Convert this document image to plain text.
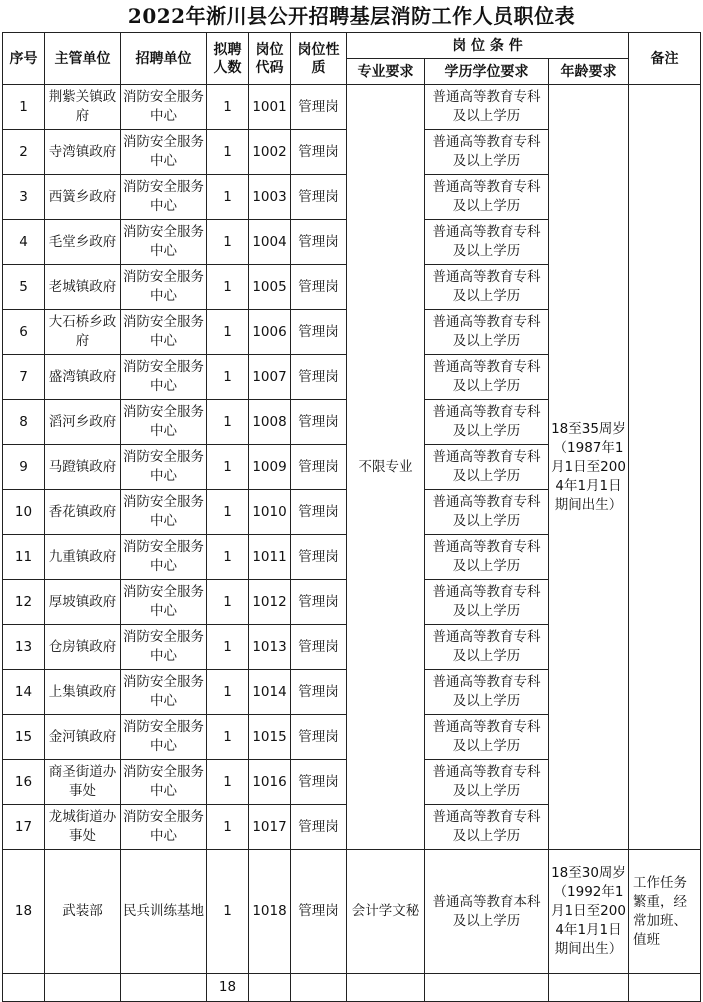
2022年淅川县公开招聘基层消防工作人员职位表
序号	主管单位	招聘单位	拟聘人数	岗位代码	岗位性质	岗 位 条 件			备注
						专业要求	学历学位要求	年龄要求	
1	荆紫关镇政府	消防安全服务中心	1	1001	管理岗	不限专业	普通高等教育专科及以上学历	18至35周岁（1987年1月1日至2004年1月1日期间出生）	
2	寺湾镇政府	消防安全服务中心	1	1002	管理岗		普通高等教育专科及以上学历		
3	西簧乡政府	消防安全服务中心	1	1003	管理岗		普通高等教育专科及以上学历		
4	毛堂乡政府	消防安全服务中心	1	1004	管理岗		普通高等教育专科及以上学历		
5	老城镇政府	消防安全服务中心	1	1005	管理岗		普通高等教育专科及以上学历		
6	大石桥乡政府	消防安全服务中心	1	1006	管理岗		普通高等教育专科及以上学历		
7	盛湾镇政府	消防安全服务中心	1	1007	管理岗		普通高等教育专科及以上学历		
8	滔河乡政府	消防安全服务中心	1	1008	管理岗		普通高等教育专科及以上学历		
9	马蹬镇政府	消防安全服务中心	1	1009	管理岗		普通高等教育专科及以上学历		
10	香花镇政府	消防安全服务中心	1	1010	管理岗		普通高等教育专科及以上学历		
11	九重镇政府	消防安全服务中心	1	1011	管理岗		普通高等教育专科及以上学历		
12	厚坡镇政府	消防安全服务中心	1	1012	管理岗		普通高等教育专科及以上学历		
13	仓房镇政府	消防安全服务中心	1	1013	管理岗		普通高等教育专科及以上学历		
14	上集镇政府	消防安全服务中心	1	1014	管理岗		普通高等教育专科及以上学历		
15	金河镇政府	消防安全服务中心	1	1015	管理岗		普通高等教育专科及以上学历		
16	商圣街道办事处	消防安全服务中心	1	1016	管理岗		普通高等教育专科及以上学历		
17	龙城街道办事处	消防安全服务中心	1	1017	管理岗		普通高等教育专科及以上学历		
18	武装部	民兵训练基地	1	1018	管理岗	会计学文秘	普通高等教育本科及以上学历	18至30周岁（1992年1月1日至2004年1月1日期间出生）	工作任务繁重，经常加班、值班
			18						
